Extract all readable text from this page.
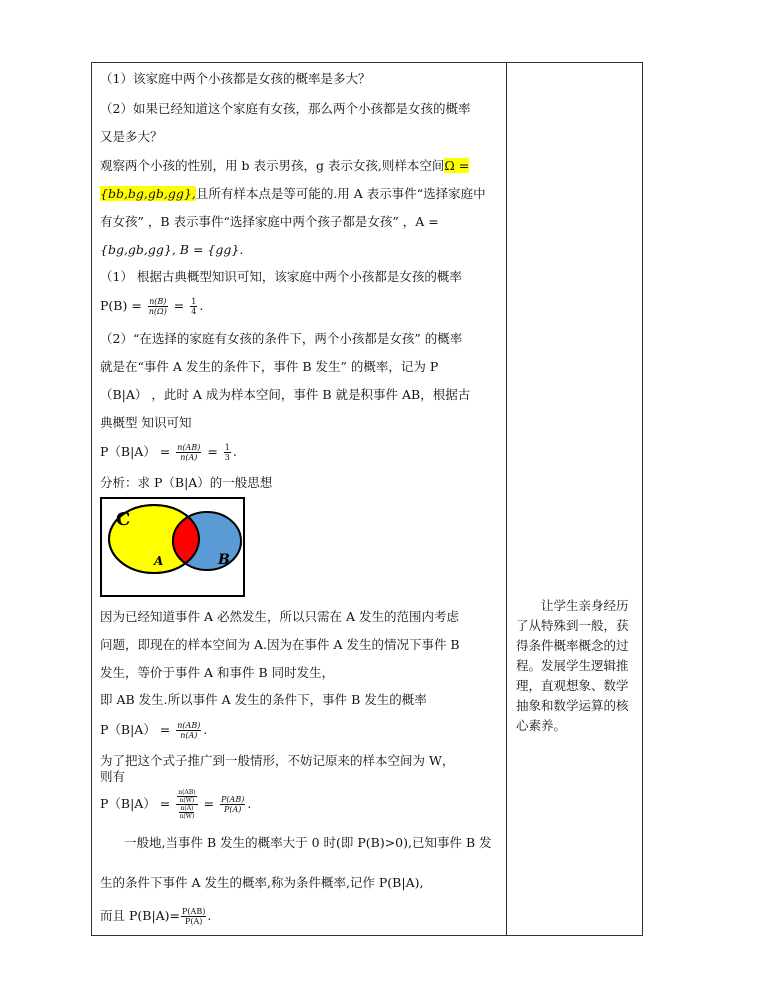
（1）该家庭中两个小孩都是女孩的概率是多大？
（2）如果已经知道这个家庭有女孩，那么两个小孩都是女孩的概率
又是多大？
观察两个小孩的性别，用 b 表示男孩，g 表示女孩,则样本空间Ω =
{bb,bg,gb,gg},且所有样本点是等可能的.用 A 表示事件“选择家庭中
有女孩” ，B 表示事件“选择家庭中两个孩子都是女孩” ，A =
{bg,gb,gg}, B = {gg}.
（1） 根据古典概型知识可知，该家庭中两个小孩都是女孩的概率
$P(B) = \frac{n(B)}{n(\Omega)} = \frac{1}{4}$ .
（2）“在选择的家庭有女孩的条件下，两个小孩都是女孩” 的概率
就是在“事件 A 发生的条件下，事件 B 发生” 的概率，记为 P
（B|A） ，此时 A 成为样本空间，事件 B 就是积事件 AB，根据古
典概型 知识可知
$P(B|A) = \frac{n(AB)}{n(A)} = \frac{1}{3}$ .
分析：求 P（B|A）的一般思想
C
A	B
因为已经知道事件 A 必然发生，所以只需在 A 发生的范围内考虑
问题，即现在的样本空间为 A.因为在事件 A 发生的情况下事件 B
发生，等价于事件 A 和事件 B 同时发生，
即 AB 发生.所以事件 A 发生的条件下，事件 B 发生的概率
$P(B|A) = \frac{n(AB)}{n(A)}$ .
为了把这个式子推广到一般情形，不妨记原来的样本空间为 W，
则有
$P(B|A) = \frac{\frac{n(AB)}{n(W)}}{\frac{n(A)}{n(W)}} = \frac{P(AB)}{P(A)}$ .
一般地,当事件 B 发生的概率大于 0 时(即 P(B)>0),已知事件 B 发
生的条件下事件 A 发生的概率,称为条件概率,记作 P(B|A),
而且 $P(B|A)= \frac{P(AB)}{P(A)}$ .
让学生亲身经历了从特殊到一般，获得条件概率概念的过程。发展学生逻辑推理，直观想象、数学抽象和数学运算的核心素养。
